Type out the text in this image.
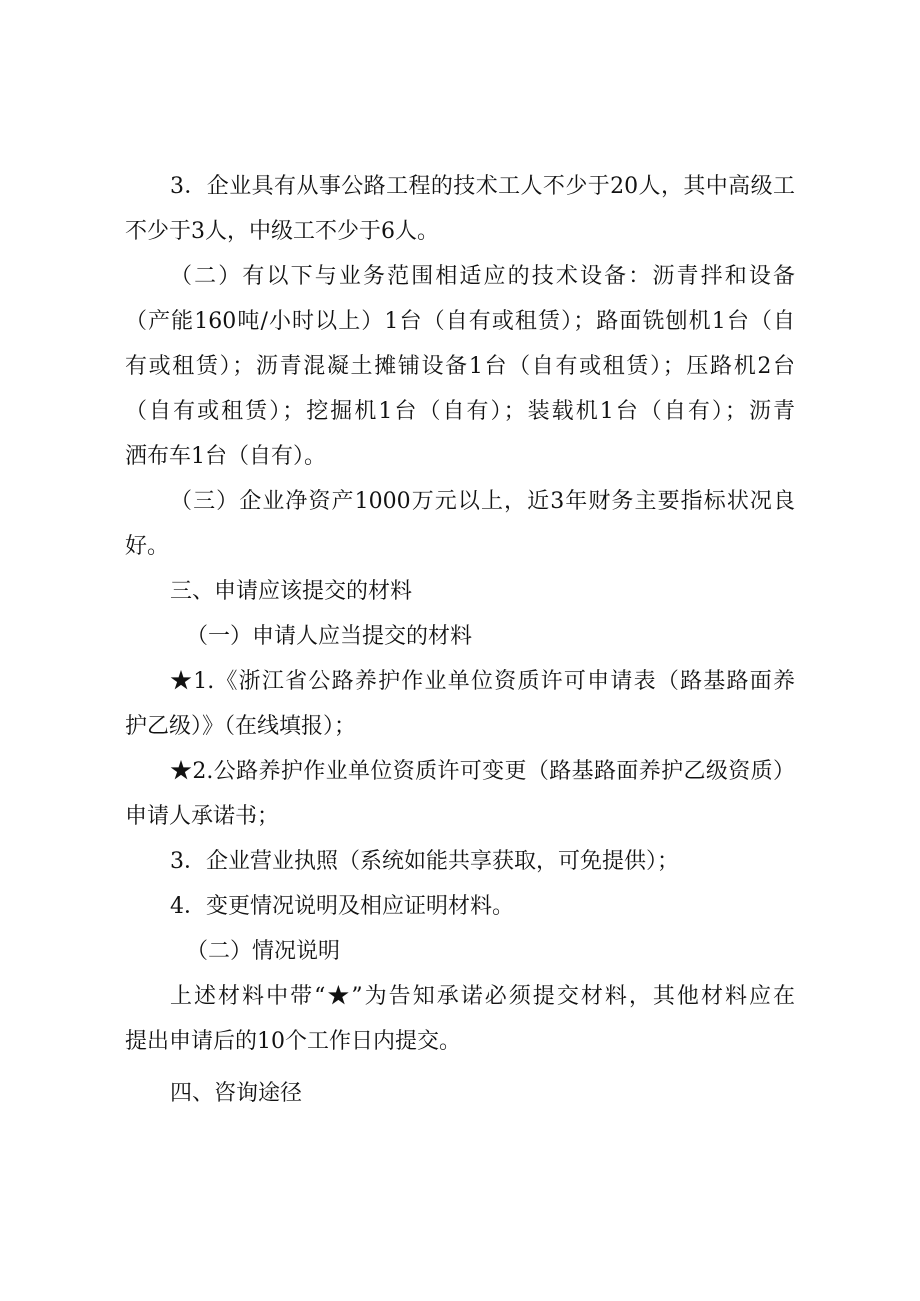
3．企业具有从事公路工程的技术工人不少于20人，其中高级工
不少于3人，中级工不少于6人。
（二）有以下与业务范围相适应的技术设备：沥青拌和设备
（产能160吨/小时以上）1台（自有或租赁）；路面铣刨机1台（自
有或租赁）；沥青混凝土摊铺设备1台（自有或租赁）；压路机2台
（自有或租赁）；挖掘机1台（自有）；装载机1台（自有）；沥青
洒布车1台（自有）。
（三）企业净资产1000万元以上，近3年财务主要指标状况良
好。
三、申请应该提交的材料
（一）申请人应当提交的材料
★1.《浙江省公路养护作业单位资质许可申请表（路基路面养
护乙级）》（在线填报）；
★2.公路养护作业单位资质许可变更（路基路面养护乙级资质）
申请人承诺书；
3．企业营业执照（系统如能共享获取，可免提供）；
4．变更情况说明及相应证明材料。
（二）情况说明
上述材料中带“★”为告知承诺必须提交材料，其他材料应在
提出申请后的10个工作日内提交。
四、咨询途径
